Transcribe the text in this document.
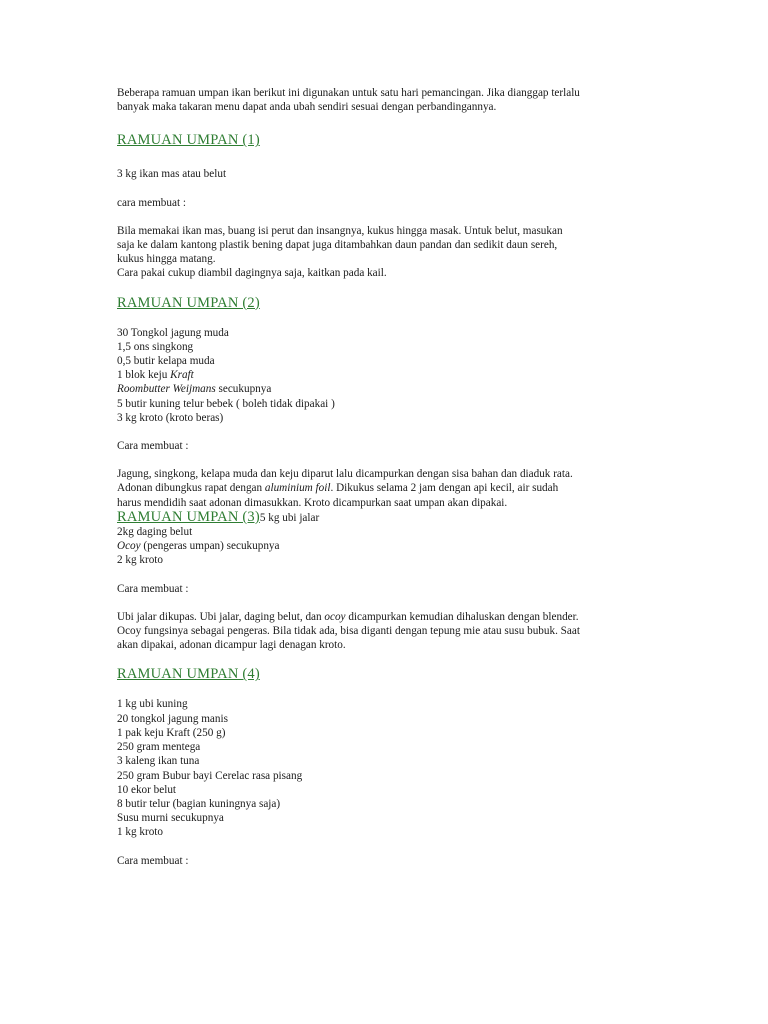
Beberapa ramuan umpan ikan berikut ini digunakan untuk satu hari pemancingan. Jika dianggap terlalu
banyak maka takaran menu dapat anda ubah sendiri sesuai dengan perbandingannya.
RAMUAN UMPAN (1)
3 kg ikan mas atau belut
cara membuat :
Bila memakai ikan mas, buang isi perut dan insangnya, kukus hingga masak. Untuk belut, masukan
saja ke dalam kantong plastik bening dapat juga ditambahkan daun pandan dan sedikit daun sereh,
kukus hingga matang.
Cara pakai cukup diambil dagingnya saja, kaitkan pada kail.
RAMUAN UMPAN (2)
30 Tongkol jagung muda
1,5 ons singkong
0,5 butir kelapa muda
1 blok keju Kraft
Roombutter Weijmans secukupnya
5 butir kuning telur bebek ( boleh tidak dipakai )
3 kg kroto (kroto beras)
Cara membuat :
Jagung, singkong, kelapa muda dan keju diparut lalu dicampurkan dengan sisa bahan dan diaduk rata.
Adonan dibungkus rapat dengan aluminium foil. Dikukus selama 2 jam dengan api kecil, air sudah
harus mendidih saat adonan dimasukkan. Kroto dicampurkan saat umpan akan dipakai.
RAMUAN UMPAN (3)5 kg ubi jalar
2kg daging belut
Ocoy (pengeras umpan) secukupnya
2 kg kroto
Cara membuat :
Ubi jalar dikupas. Ubi jalar, daging belut, dan ocoy dicampurkan kemudian dihaluskan dengan blender.
Ocoy fungsinya sebagai pengeras. Bila tidak ada, bisa diganti dengan tepung mie atau susu bubuk. Saat
akan dipakai, adonan dicampur lagi denagan kroto.
RAMUAN UMPAN (4)
1 kg ubi kuning
20 tongkol jagung manis
1 pak keju Kraft (250 g)
250 gram mentega
3 kaleng ikan tuna
250 gram Bubur bayi Cerelac rasa pisang
10 ekor belut
8 butir telur (bagian kuningnya saja)
Susu murni secukupnya
1 kg kroto
Cara membuat :
